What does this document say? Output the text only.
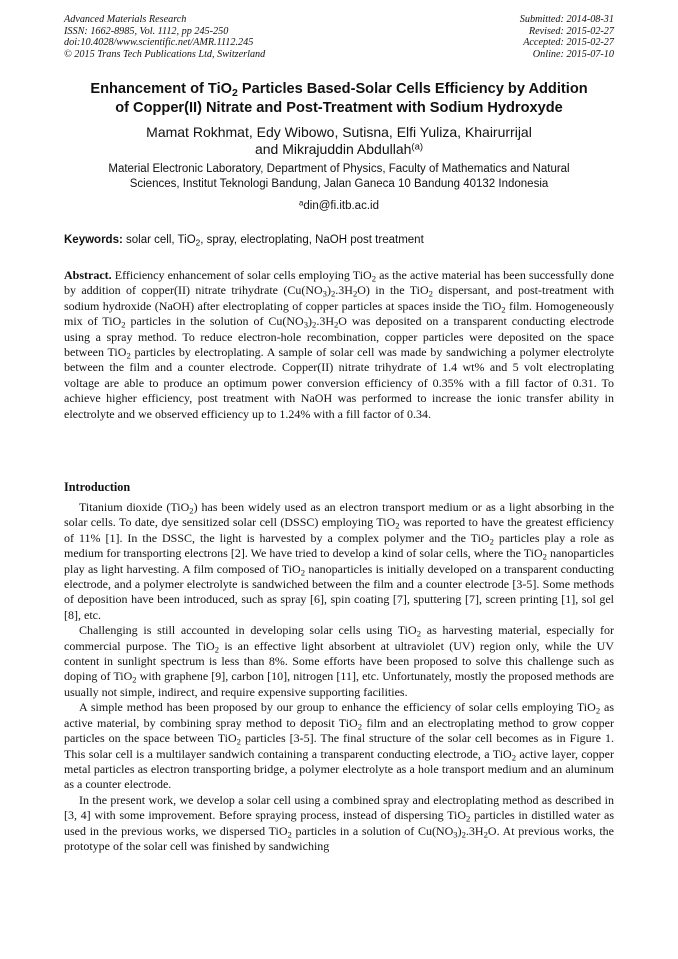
Advanced Materials Research
ISSN: 1662-8985, Vol. 1112, pp 245-250
doi:10.4028/www.scientific.net/AMR.1112.245
© 2015 Trans Tech Publications Ltd, Switzerland
Submitted: 2014-08-31
Revised: 2015-02-27
Accepted: 2015-02-27
Online: 2015-07-10
Enhancement of TiO$_2$ Particles Based-Solar Cells Efficiency by Addition
of Copper(II) Nitrate and Post-Treatment with Sodium Hydroxyde
Mamat Rokhmat, Edy Wibowo, Sutisna, Elfi Yuliza, Khairurrijal
and Mikrajuddin Abdullah$^{(a)}$
Material Electronic Laboratory, Department of Physics, Faculty of Mathematics and Natural
Sciences, Institut Teknologi Bandung, Jalan Ganeca 10 Bandung 40132 Indonesia
$^a$din@fi.itb.ac.id
Keywords: solar cell, TiO$_2$, spray, electroplating, NaOH post treatment
Abstract. Efficiency enhancement of solar cells employing TiO$_2$ as the active material has been successfully done by addition of copper(II) nitrate trihydrate $(Cu(NO_3)_2.3H_2O)$ in the TiO$_2$ dispersant, and post-treatment with sodium hydroxide (NaOH) after electroplating of copper particles at spaces inside the TiO$_2$ film. Homogeneously mix of TiO$_2$ particles in the solution of $Cu(NO_3)_2.3H_2O$ was deposited on a transparent conducting electrode using a spray method. To reduce electron-hole recombination, copper particles were deposited on the space between TiO$_2$ particles by electroplating. A sample of solar cell was made by sandwiching a polymer electrolyte between the film and a counter electrode. Copper(II) nitrate trihydrate of 1.4 wt% and 5 volt electroplating voltage are able to produce an optimum power conversion efficiency of 0.35% with a fill factor of 0.31. To achieve higher efficiency, post treatment with NaOH was performed to increase the ionic transfer ability in electrolyte and we observed efficiency up to 1.24% with a fill factor of 0.34.
Introduction

Titanium dioxide (TiO$_2$) has been widely used as an electron transport medium or as a light absorbing in the solar cells. To date, dye sensitized solar cell (DSSC) employing TiO$_2$ was reported to have the greatest efficiency of 11% [1]. In the DSSC, the light is harvested by a complex polymer and the TiO$_2$ particles play a role as medium for transporting electrons [2]. We have tried to develop a kind of solar cells, where the TiO$_2$ nanoparticles play as light harvesting. A film composed of TiO$_2$ nanoparticles is initially developed on a transparent conducting electrode, and a polymer electrolyte is sandwiched between the film and a counter electrode [3-5]. Some methods of deposition have been introduced, such as spray [6], spin coating [7], sputtering [7], screen printing [1], sol gel [8], etc.

Challenging is still accounted in developing solar cells using TiO$_2$ as harvesting material, especially for commercial purpose. The TiO$_2$ is an effective light absorbent at ultraviolet (UV) region only, while the UV content in sunlight spectrum is less than 8%. Some efforts have been proposed to solve this challenge such as doping of TiO$_2$ with graphene [9], carbon [10], nitrogen [11], etc. Unfortunately, mostly the proposed methods are usually not simple, indirect, and require expensive supporting facilities.

A simple method has been proposed by our group to enhance the efficiency of solar cells employing TiO$_2$ as active material, by combining spray method to deposit TiO$_2$ film and an electroplating method to grow copper particles on the space between TiO$_2$ particles [3-5]. The final structure of the solar cell becomes as in Figure 1. This solar cell is a multilayer sandwich containing a transparent conducting electrode, a TiO$_2$ active layer, copper metal particles as electron transporting bridge, a polymer electrolyte as a hole transport medium and an aluminum as a counter electrode.

In the present work, we develop a solar cell using a combined spray and electroplating method as described in [3, 4] with some improvement. Before spraying process, instead of dispersing TiO$_2$ particles in distilled water as used in the previous works, we dispersed TiO$_2$ particles in a solution of $Cu(NO_3)_2.3H_2O$. At previous works, the prototype of the solar cell was finished by sandwiching
